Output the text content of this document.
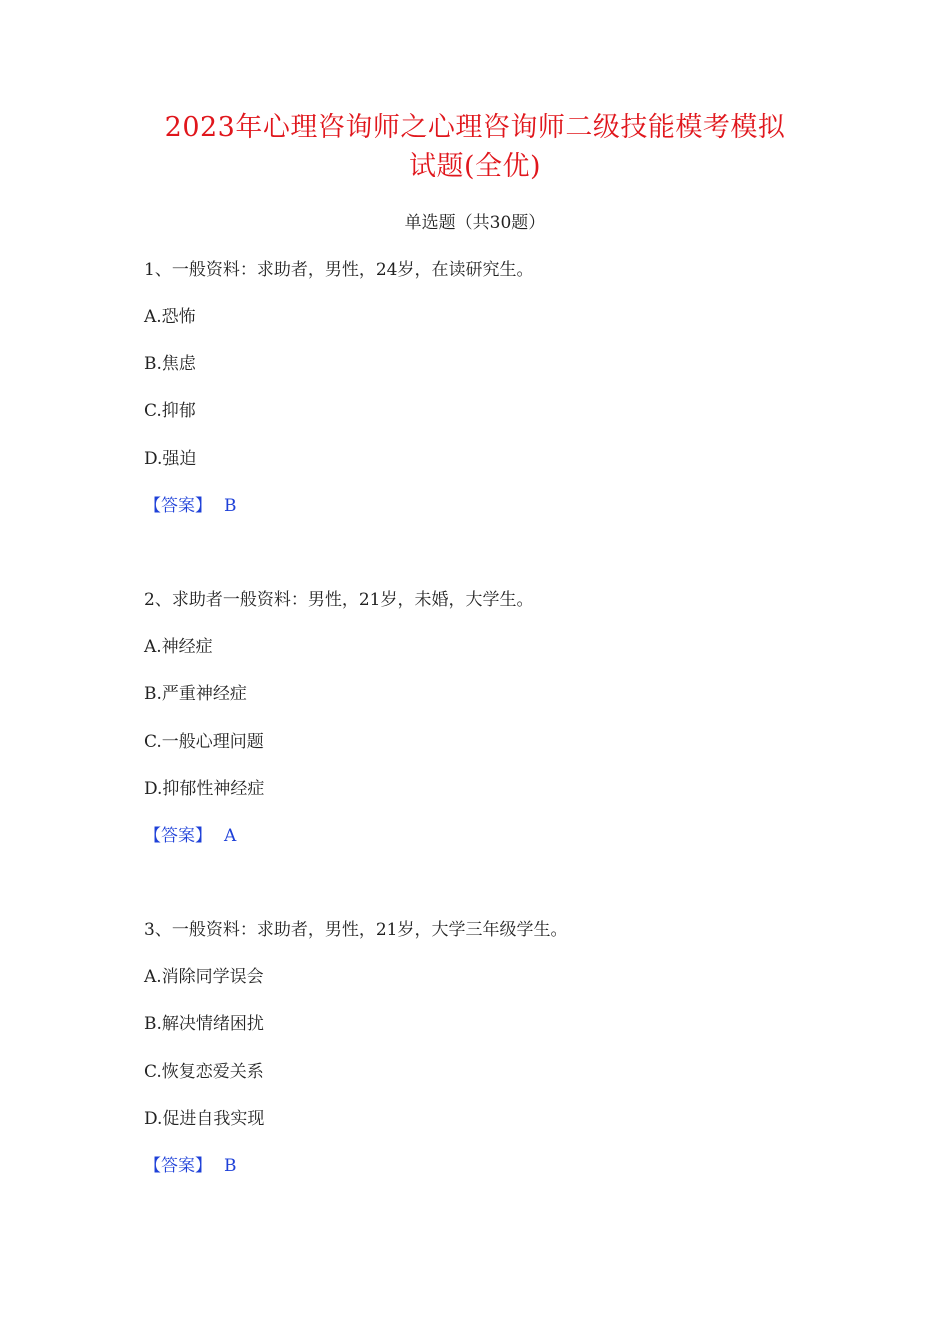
2023年心理咨询师之心理咨询师二级技能模考模拟
试题(全优)
单选题（共30题）
1、一般资料：求助者，男性，24岁，在读研究生。
A.恐怖
B.焦虑
C.抑郁
D.强迫
【答案】 B
2、求助者一般资料：男性，21岁，未婚，大学生。
A.神经症
B.严重神经症
C.一般心理问题
D.抑郁性神经症
【答案】 A
3、一般资料：求助者，男性，21岁，大学三年级学生。
A.消除同学误会
B.解决情绪困扰
C.恢复恋爱关系
D.促进自我实现
【答案】 B
